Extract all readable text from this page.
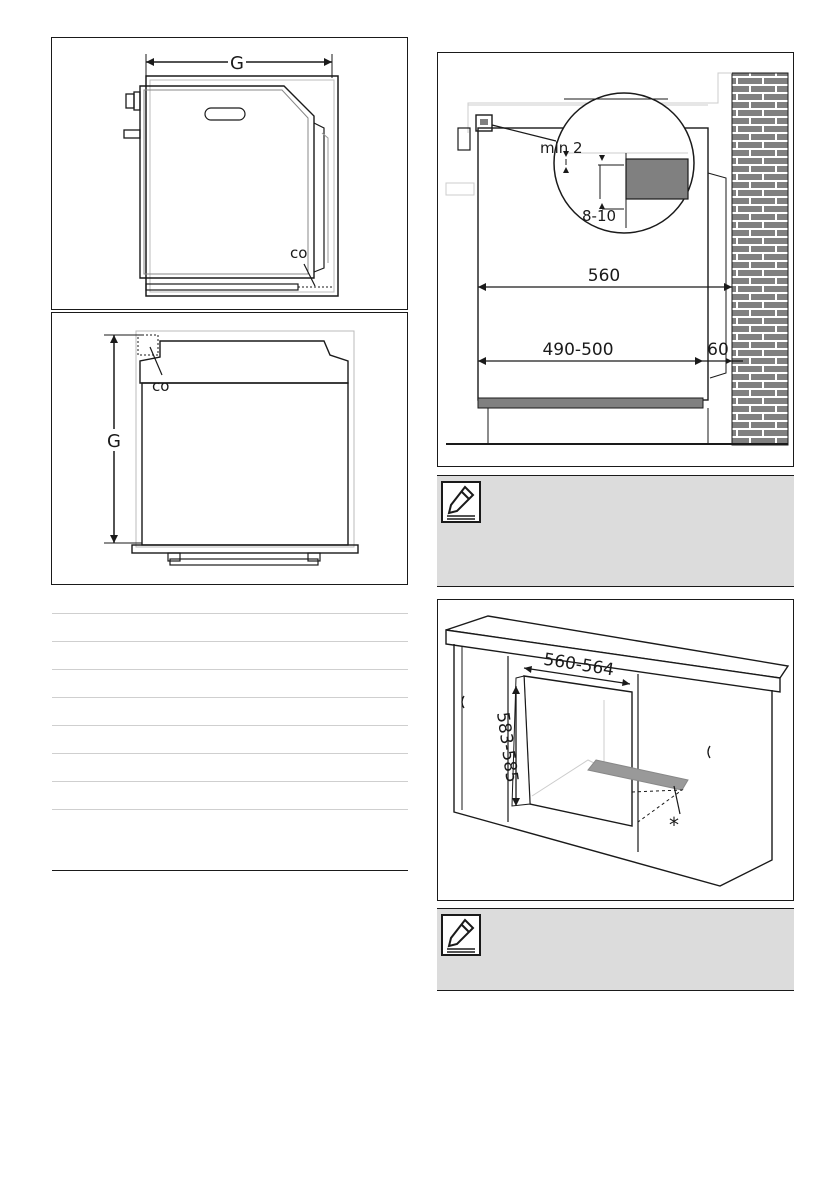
G
co
G
co
min 2
8-10
560
490-500	60
*
560-564
583-585
